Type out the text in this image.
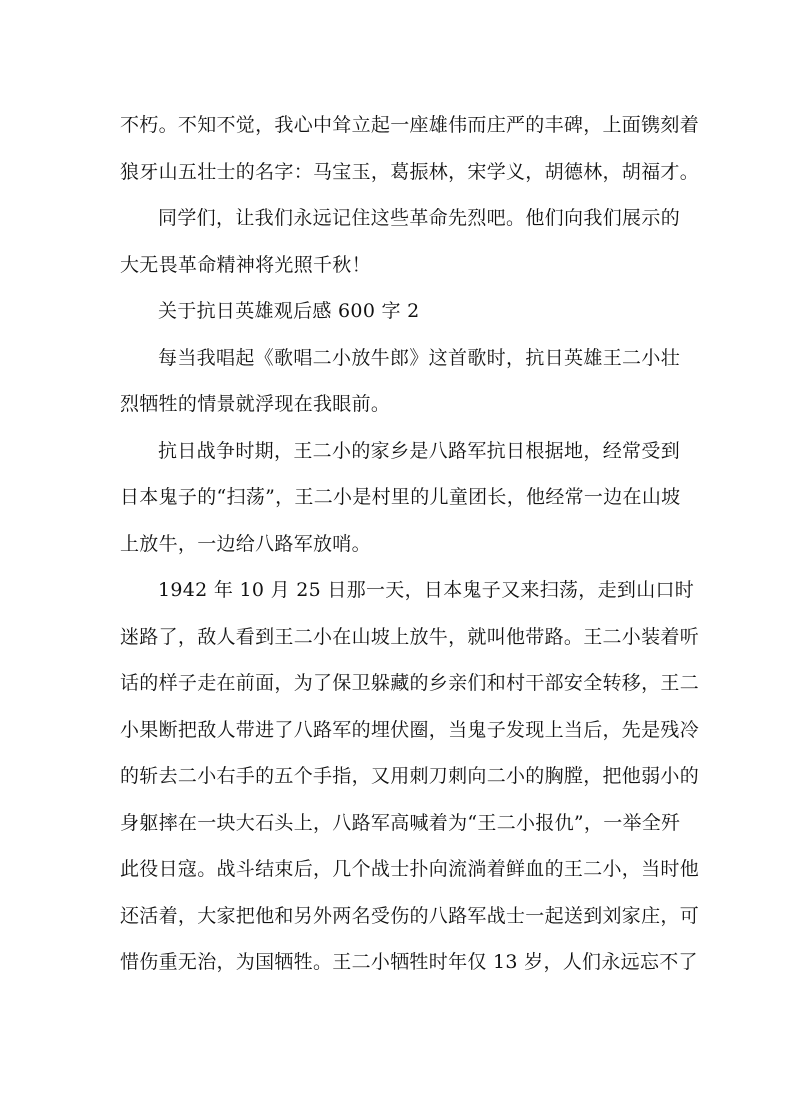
不朽。不知不觉，我心中耸立起一座雄伟而庄严的丰碑，上面镌刻着
狼牙山五壮士的名字：马宝玉，葛振林，宋学义，胡德林，胡福才。
同学们，让我们永远记住这些革命先烈吧。他们向我们展示的
大无畏革命精神将光照千秋！
关于抗日英雄观后感 600 字 2
每当我唱起《歌唱二小放牛郎》这首歌时，抗日英雄王二小壮
烈牺牲的情景就浮现在我眼前。
抗日战争时期，王二小的家乡是八路军抗日根据地，经常受到
日本鬼子的“扫荡”，王二小是村里的儿童团长，他经常一边在山坡
上放牛，一边给八路军放哨。
1942 年 10 月 25 日那一天，日本鬼子又来扫荡，走到山口时
迷路了，敌人看到王二小在山坡上放牛，就叫他带路。王二小装着听
话的样子走在前面，为了保卫躲藏的乡亲们和村干部安全转移，王二
小果断把敌人带进了八路军的埋伏圈，当鬼子发现上当后，先是残冷
的斩去二小右手的五个手指，又用刺刀刺向二小的胸膛，把他弱小的
身躯摔在一块大石头上，八路军高喊着为“王二小报仇”，一举全歼
此役日寇。战斗结束后，几个战士扑向流淌着鲜血的王二小，当时他
还活着，大家把他和另外两名受伤的八路军战士一起送到刘家庄，可
惜伤重无治，为国牺牲。王二小牺牲时年仅 13 岁，人们永远忘不了
